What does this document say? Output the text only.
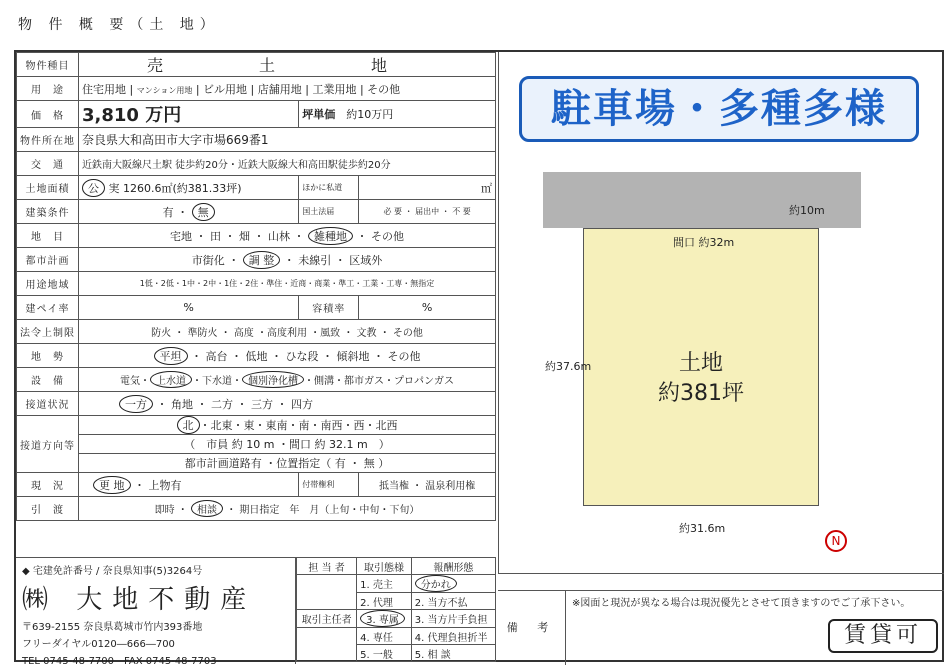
物 件 概 要（土 地）
物件種目	売　土　地		
用　途	住宅用地 | マンション用地 | ビル用地 | 店舗用地 | 工業用地 | その他		
価　格	3,810 万円	坪単価　 約10万円	
物件所在地	奈良県大和高田市大字市場669番1		
交　通	近鉄南大阪線尺土駅 徒歩約20分・近鉄大阪線大和高田駅徒歩約20分		
土地面積	公 実 1260.6㎡(約381.33坪)	ほかに私道	㎡
建築条件	有 ・ 無	国土法届	必 要 ・ 届出中 ・ 不 要
地　目	宅地 ・ 田 ・ 畑 ・ 山林 ・ 雑種地 ・ その他		
都市計画	市街化 ・ 調 整 ・ 未線引 ・ 区域外		
用途地域	1低・2低・1中・2中・1住・2住・準住・近商・商業・準工・工業・工専・無指定		
建ペイ率	%	容積率	%
法令上制限	防火 ・ 準防火 ・ 高度 ・高度利用 ・風致 ・ 文教 ・ その他		
地　勢	平坦 ・ 高台 ・ 低地 ・ ひな段 ・ 傾斜地 ・ その他		
設　備	電気・ 上水道 ・下水道・ 個別浄化槽 ・側溝・都市ガス・プロパンガス		
接道状況	一方 ・ 角地 ・ 二方 ・ 三方 ・ 四方		
接道方向等	北 ・北東・東・東南・南・南西・西・北西		
	（　市員 約 10 m ・間口 約 32.1 m　）		
	都市計画道路有 ・位置指定（ 有 ・ 無 ）		
現　況	更 地 ・ 上物有	付帯権利	抵当権 ・ 温泉利用権
引　渡	即時 ・ 相談 ・ 期日指定　年　月（上旬・中旬・下旬）		
駐車場・多種多様
約10m
土地
約381坪
間口 約32m
約37.6m
約31.6m
N
◆ 宅建免許番号 / 奈良県知事(5)3264号
㈱ 大地不動産
〒639-2155 奈良県葛城市竹内393番地
フリーダイヤル0120―666―700
TEL 0745-48-7700　 FAX 0745-48-7703
担 当 者	取引態様	報酬形態
	1. 売主	分かれ
	2. 代理	2. 当方不払
取引主任者	3. 専属	3. 当方片手負担
	4. 専任	4. 代理負担折半
	5. 一般	5. 相 談
備 考
※図面と現況が異なる場合は現況優先とさせて頂きますのでご了承下さい。
賃貸可
